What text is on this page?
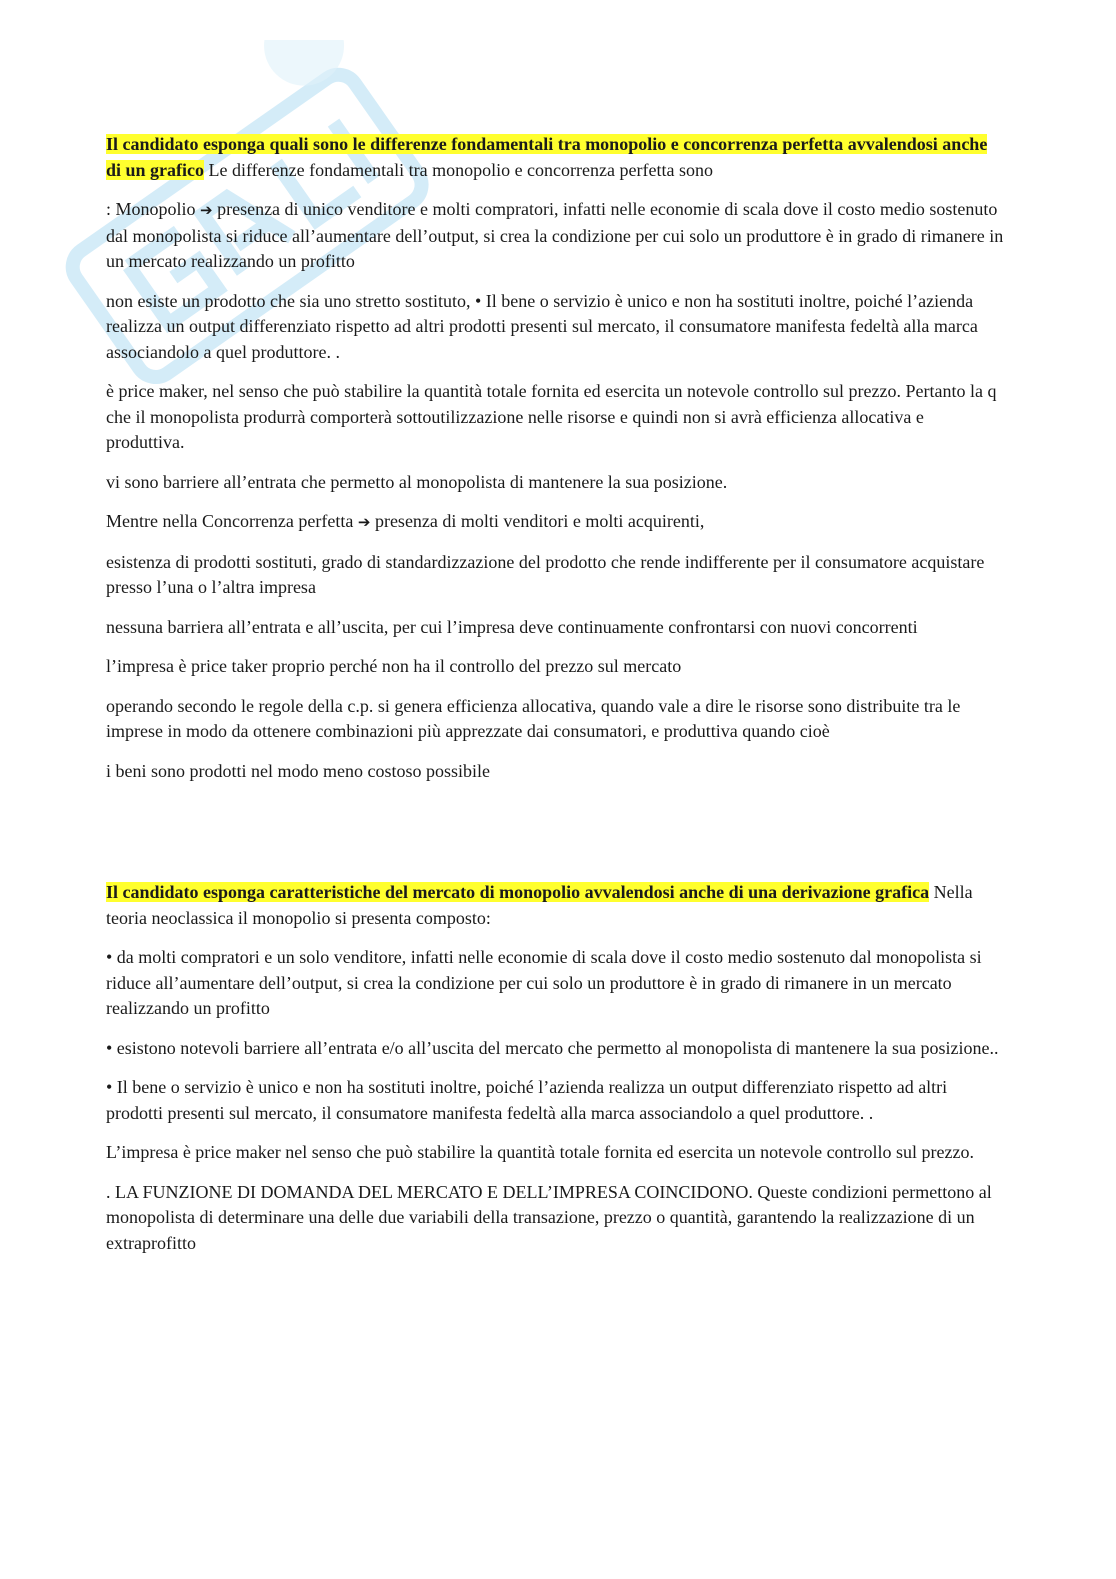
Il candidato esponga quali sono le differenze fondamentali tra monopolio e concorrenza perfetta avvalendosi anche di un grafico Le differenze fondamentali tra monopolio e concorrenza perfetta sono

: Monopolio ➔ presenza di unico venditore e molti compratori, infatti nelle economie di scala dove il costo medio sostenuto dal monopolista si riduce all’aumentare dell’output, si crea la condizione per cui solo un produttore è in grado di rimanere in un mercato realizzando un profitto

non esiste un prodotto che sia uno stretto sostituto, • Il bene o servizio è unico e non ha sostituti inoltre, poiché l’azienda realizza un output differenziato rispetto ad altri prodotti presenti sul mercato, il consumatore manifesta fedeltà alla marca associandolo a quel produttore. .

è price maker, nel senso che può stabilire la quantità totale fornita ed esercita un notevole controllo sul prezzo. Pertanto la q che il monopolista produrrà comporterà sottoutilizzazione nelle risorse e quindi non si avrà efficienza allocativa e produttiva.

vi sono barriere all’entrata che permetto al monopolista di mantenere la sua posizione.

Mentre nella Concorrenza perfetta ➔ presenza di molti venditori e molti acquirenti,

esistenza di prodotti sostituti, grado di standardizzazione del prodotto che rende indifferente per il consumatore acquistare presso l’una o l’altra impresa

nessuna barriera all’entrata e all’uscita, per cui l’impresa deve continuamente confrontarsi con nuovi concorrenti

l’impresa è price taker proprio perché non ha il controllo del prezzo sul mercato

operando secondo le regole della c.p. si genera efficienza allocativa, quando vale a dire le risorse sono distribuite tra le imprese in modo da ottenere combinazioni più apprezzate dai consumatori, e produttiva quando cioè

i beni sono prodotti nel modo meno costoso possibile

Il candidato esponga caratteristiche del mercato di monopolio avvalendosi anche di una derivazione grafica Nella teoria neoclassica il monopolio si presenta composto:

• da molti compratori e un solo venditore, infatti nelle economie di scala dove il costo medio sostenuto dal monopolista si riduce all’aumentare dell’output, si crea la condizione per cui solo un produttore è in grado di rimanere in un mercato realizzando un profitto

• esistono notevoli barriere all’entrata e/o all’uscita del mercato che permetto al monopolista di mantenere la sua posizione..

• Il bene o servizio è unico e non ha sostituti inoltre, poiché l’azienda realizza un output differenziato rispetto ad altri prodotti presenti sul mercato, il consumatore manifesta fedeltà alla marca associandolo a quel produttore. .

L’impresa è price maker nel senso che può stabilire la quantità totale fornita ed esercita un notevole controllo sul prezzo.

. LA FUNZIONE DI DOMANDA DEL MERCATO E DELL’IMPRESA COINCIDONO. Queste condizioni permettono al monopolista di determinare una delle due variabili della transazione, prezzo o quantità, garantendo la realizzazione di un extraprofitto
